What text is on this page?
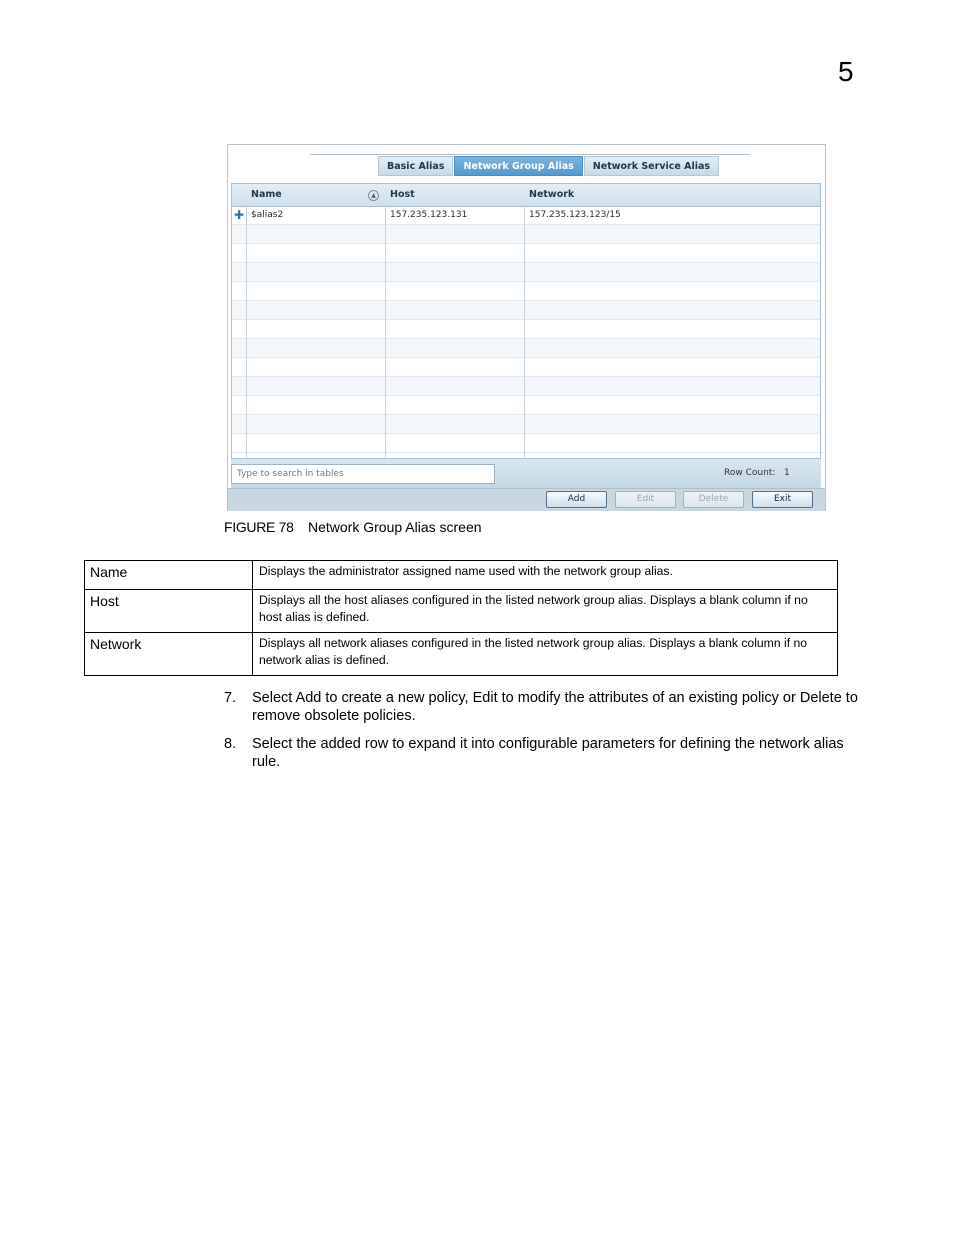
5
Basic Alias	Network Group Alias	Network Service Alias
Name	▲	Host	Network
✚ $alias2	157.235.123.131	157.235.123.123/15
Type to search in tables
Row Count: 1
Add	Edit	Delete	Exit
FIGURE 78 Network Group Alias screen
Name	Displays the administrator assigned name used with the network group alias.
Host	Displays all the host aliases configured in the listed network group alias. Displays a blank column if no host alias is defined.
Network	Displays all network aliases configured in the listed network group alias. Displays a blank column if no network alias is defined.
7. Select Add to create a new policy, Edit to modify the attributes of an existing policy or Delete to remove obsolete policies.
8. Select the added row to expand it into configurable parameters for defining the network alias rule.
